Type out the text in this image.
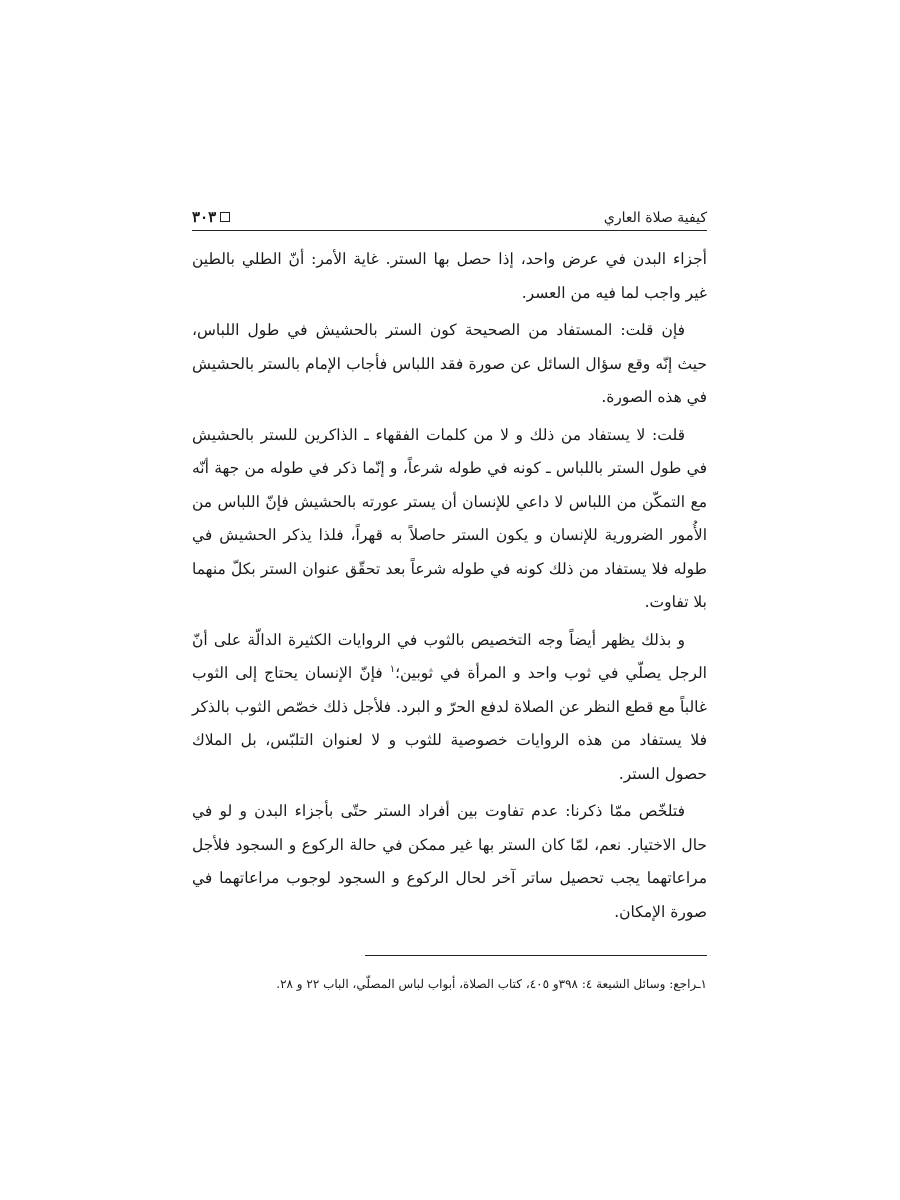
كيفية صلاة العاري
٣٠٣

أجزاء البدن في عرض واحد، إذا حصل بها الستر. غاية الأمر: أنّ الطلي بالطين غير واجب لما فيه من العسر.

فإن قلت: المستفاد من الصحيحة كون الستر بالحشيش في طول اللباس، حيث إنّه وقع سؤال السائل عن صورة فقد اللباس فأجاب الإمام بالستر بالحشيش في هذه الصورة.

قلت: لا يستفاد من ذلك و لا من كلمات الفقهاء ـ الذاكرين للستر بالحشيش في طول الستر باللباس ـ كونه في طوله شرعاً، و إنّما ذكر في طوله من جهة أنّه مع التمكّن من اللباس لا داعي للإنسان أن يستر عورته بالحشيش فإنّ اللباس من الأُمور الضرورية للإنسان و يكون الستر حاصلاً به قهراً، فلذا يذكر الحشيش في طوله فلا يستفاد من ذلك كونه في طوله شرعاً بعد تحقّق عنوان الستر بكلّ منهما بلا تفاوت.

و بذلك يظهر أيضاً وجه التخصيص بالثوب في الروايات الكثيرة الدالّة على أنّ الرجل يصلّي في ثوب واحد و المرأة في ثوبين؛$^١$ فإنّ الإنسان يحتاج إلى الثوب غالباً مع قطع النظر عن الصلاة لدفع الحرّ و البرد. فلأجل ذلك خصّص الثوب بالذكر فلا يستفاد من هذه الروايات خصوصية للثوب و لا لعنوان التلبّس، بل الملاك حصول الستر.

فتلخّص ممّا ذكرنا: عدم تفاوت بين أفراد الستر حتّى بأجزاء البدن و لو في حال الاختيار. نعم، لمّا كان الستر بها غير ممكن في حالة الركوع و السجود فلأجل مراعاتهما يجب تحصيل ساتر آخر لحال الركوع و السجود لوجوب مراعاتهما في صورة الإمكان.

١ـراجع: وسائل الشيعة ٤: ٣٩٨و ٤٠٥، كتاب الصلاة، أبواب لباس المصلّي، الباب ٢٢ و ٢٨.
